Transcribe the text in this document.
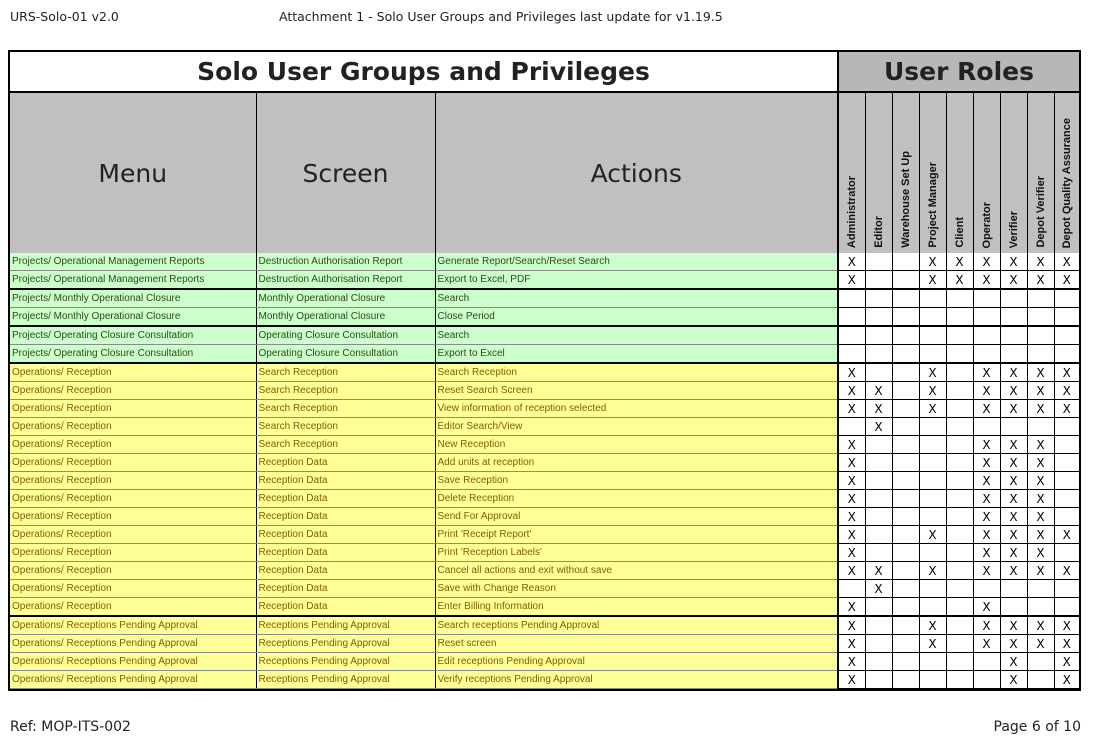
URS-Solo-01 v2.0	Attachment 1 - Solo User Groups and Privileges last update for v1.19.5
Solo User Groups and Privileges			User Roles								
Menu	Screen	Actions	Administrator	Editor	Warehouse Set Up	Project Manager	Client	Operator	Verifier	Depot Verifier	Depot Quality Assurance

Projects/ Operational Management Reports	Destruction Authorisation Report	Generate Report/Search/Reset Search	X			X	X	X	X	X	X
Projects/ Operational Management Reports	Destruction Authorisation Report	Export to Excel, PDF	X			X	X	X	X	X	X
Projects/ Monthly Operational Closure	Monthly Operational Closure	Search									
Projects/ Monthly Operational Closure	Monthly Operational Closure	Close Period									
Projects/ Operating Closure Consultation	Operating Closure Consultation	Search									
Projects/ Operating Closure Consultation	Operating Closure Consultation	Export to Excel									
Operations/ Reception	Search Reception	Search Reception	X			X		X	X	X	X
Operations/ Reception	Search Reception	Reset Search Screen	X	X		X		X	X	X	X
Operations/ Reception	Search Reception	View information of reception selected	X	X		X		X	X	X	X
Operations/ Reception	Search Reception	Editor Search/View		X							
Operations/ Reception	Search Reception	New Reception	X					X	X	X	
Operations/ Reception	Reception Data	Add units at reception	X					X	X	X	
Operations/ Reception	Reception Data	Save Reception	X					X	X	X	
Operations/ Reception	Reception Data	Delete Reception	X					X	X	X	
Operations/ Reception	Reception Data	Send For Approval	X					X	X	X	
Operations/ Reception	Reception Data	Print 'Receipt Report'	X			X		X	X	X	X
Operations/ Reception	Reception Data	Print 'Reception Labels'	X					X	X	X	
Operations/ Reception	Reception Data	Cancel all actions and exit without save	X	X		X		X	X	X	X
Operations/ Reception	Reception Data	Save with Change Reason		X							
Operations/ Reception	Reception Data	Enter Billing Information	X					X			
Operations/ Receptions Pending Approval	Receptions Pending Approval	Search receptions Pending Approval	X			X		X	X	X	X
Operations/ Receptions Pending Approval	Receptions Pending Approval	Reset screen	X			X		X	X	X	X
Operations/ Receptions Pending Approval	Receptions Pending Approval	Edit receptions Pending Approval	X						X		X
Operations/ Receptions Pending Approval	Receptions Pending Approval	Verify receptions Pending Approval	X						X		X
Ref: MOP-ITS-002	Page 6 of 10
